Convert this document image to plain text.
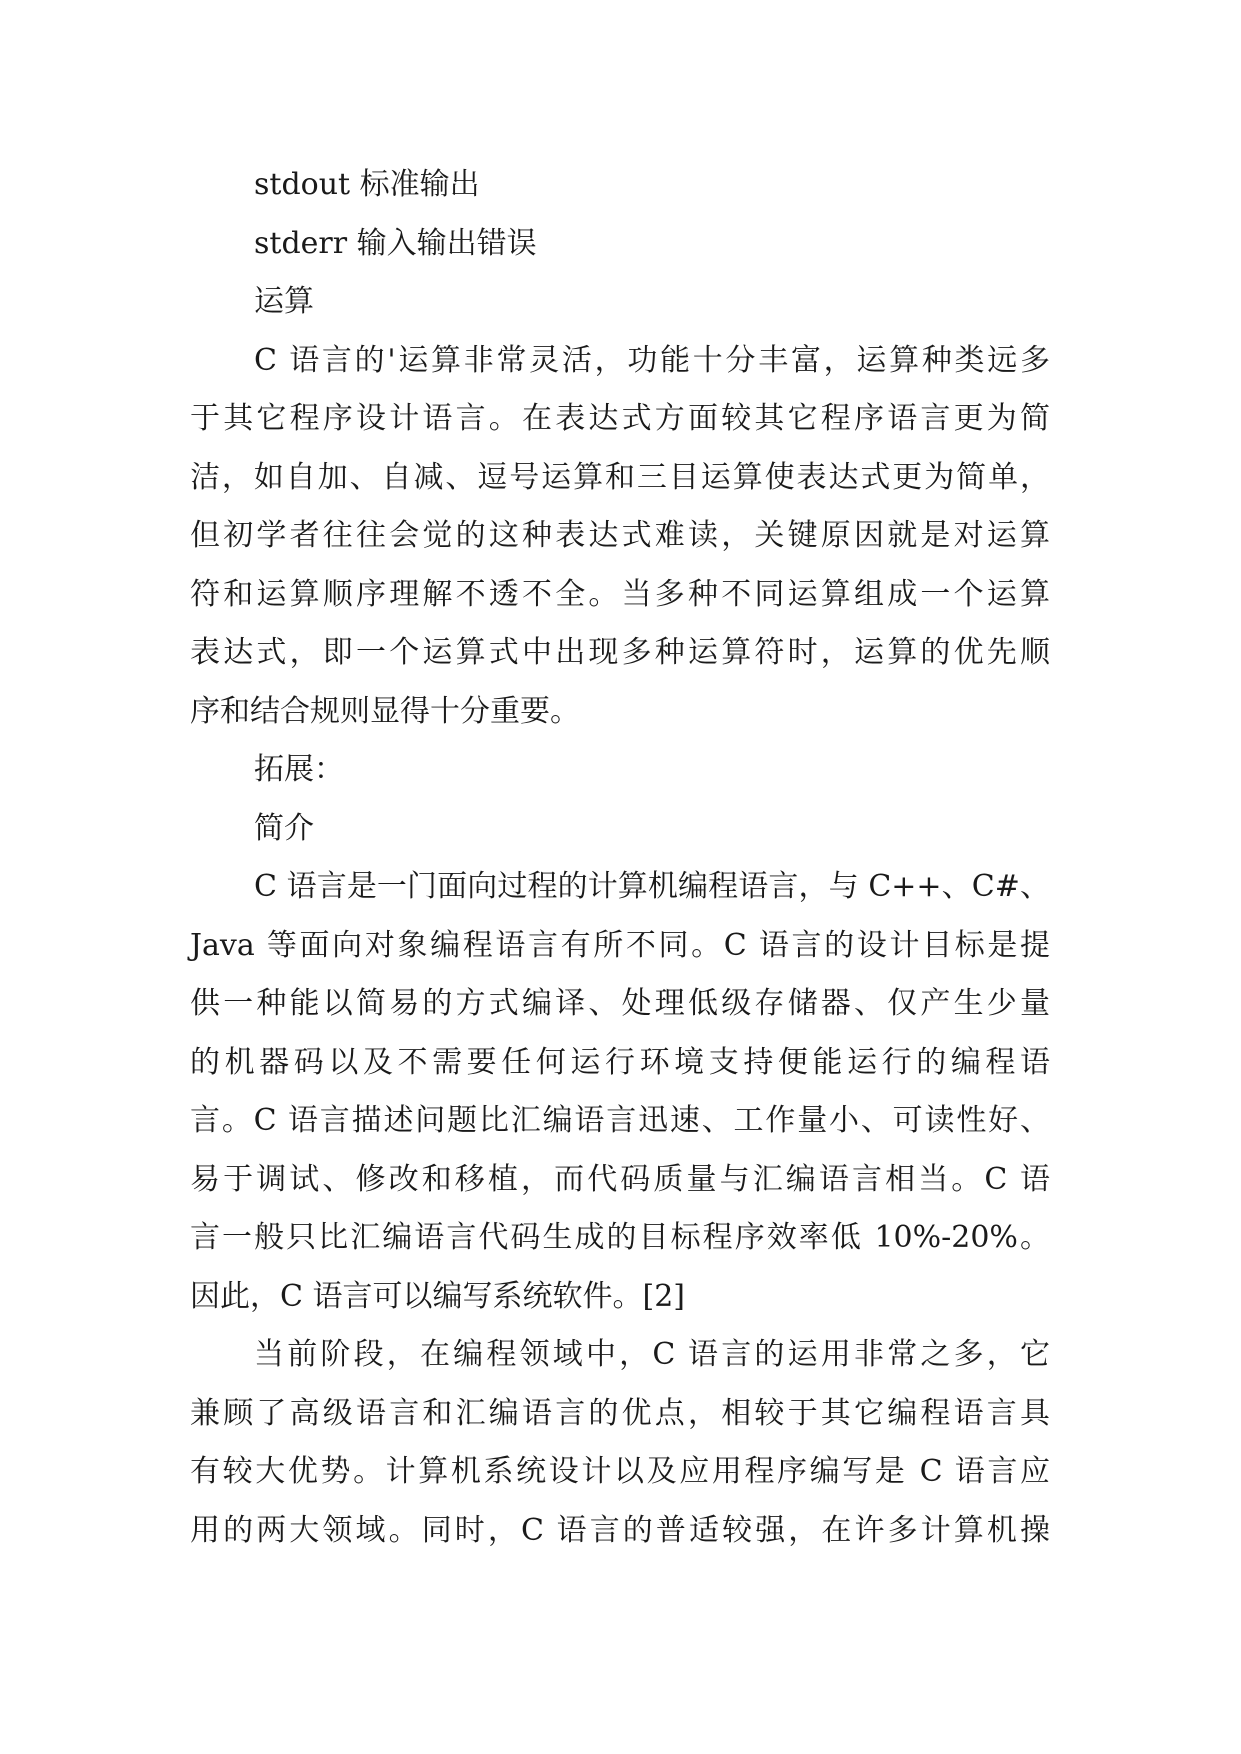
stdout 标准输出
stderr 输入输出错误
运算
C 语言的'运算非常灵活，功能十分丰富，运算种类远多
于其它程序设计语言。在表达式方面较其它程序语言更为简
洁，如自加、自减、逗号运算和三目运算使表达式更为简单，
但初学者往往会觉的这种表达式难读，关键原因就是对运算
符和运算顺序理解不透不全。当多种不同运算组成一个运算
表达式，即一个运算式中出现多种运算符时，运算的优先顺
序和结合规则显得十分重要。
拓展：
简介
C 语言是一门面向过程的计算机编程语言，与 C++、C#、
Java 等面向对象编程语言有所不同。C 语言的设计目标是提
供一种能以简易的方式编译、处理低级存储器、仅产生少量
的机器码以及不需要任何运行环境支持便能运行的编程语
言。C 语言描述问题比汇编语言迅速、工作量小、可读性好、
易于调试、修改和移植，而代码质量与汇编语言相当。C 语
言一般只比汇编语言代码生成的目标程序效率低 10%-20%。
因此，C 语言可以编写系统软件。[2]
当前阶段，在编程领域中，C 语言的运用非常之多，它
兼顾了高级语言和汇编语言的优点，相较于其它编程语言具
有较大优势。计算机系统设计以及应用程序编写是 C 语言应
用的两大领域。同时，C 语言的普适较强，在许多计算机操
